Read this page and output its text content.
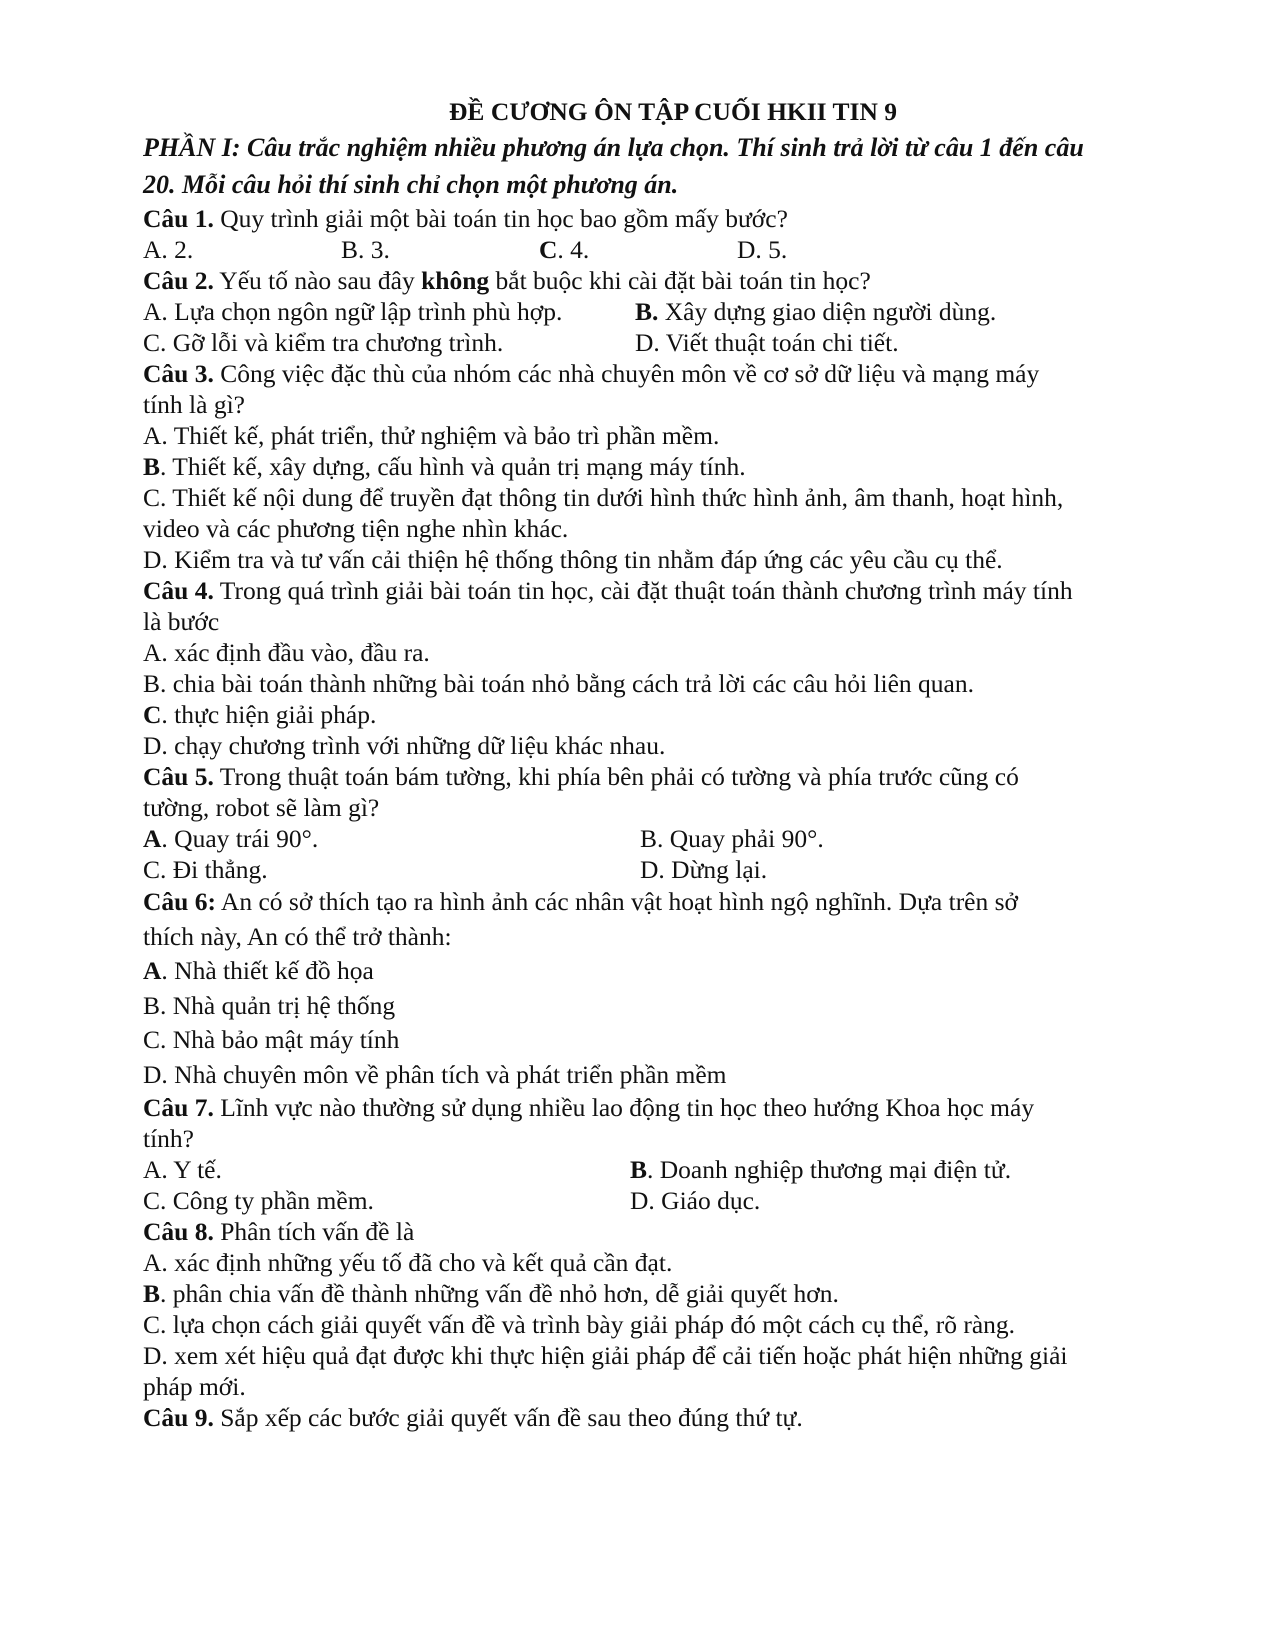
ĐỀ CƯƠNG ÔN TẬP CUỐI HKII TIN 9
PHẦN I: Câu trắc nghiệm nhiều phương án lựa chọn. Thí sinh trả lời từ câu 1 đến câu 20. Mỗi câu hỏi thí sinh chỉ chọn một phương án.
Câu 1. Quy trình giải một bài toán tin học bao gồm mấy bước?
A. 2.	B. 3.	C. 4.	D. 5.
Câu 2. Yếu tố nào sau đây không bắt buộc khi cài đặt bài toán tin học?
A. Lựa chọn ngôn ngữ lập trình phù hợp.	B. Xây dựng giao diện người dùng.
C. Gỡ lỗi và kiểm tra chương trình.	D. Viết thuật toán chi tiết.
Câu 3. Công việc đặc thù của nhóm các nhà chuyên môn về cơ sở dữ liệu và mạng máy tính là gì?
A. Thiết kế, phát triển, thử nghiệm và bảo trì phần mềm.
B. Thiết kế, xây dựng, cấu hình và quản trị mạng máy tính.
C. Thiết kế nội dung để truyền đạt thông tin dưới hình thức hình ảnh, âm thanh, hoạt hình, video và các phương tiện nghe nhìn khác.
D. Kiểm tra và tư vấn cải thiện hệ thống thông tin nhằm đáp ứng các yêu cầu cụ thể.
Câu 4. Trong quá trình giải bài toán tin học, cài đặt thuật toán thành chương trình máy tính là bước
A. xác định đầu vào, đầu ra.
B. chia bài toán thành những bài toán nhỏ bằng cách trả lời các câu hỏi liên quan.
C. thực hiện giải pháp.
D. chạy chương trình với những dữ liệu khác nhau.
Câu 5. Trong thuật toán bám tường, khi phía bên phải có tường và phía trước cũng có tường, robot sẽ làm gì?
A. Quay trái 90°.	B. Quay phải 90°.
C. Đi thẳng.	D. Dừng lại.
Câu 6: An có sở thích tạo ra hình ảnh các nhân vật hoạt hình ngộ nghĩnh. Dựa trên sở thích này, An có thể trở thành:
A. Nhà thiết kế đồ họa
B. Nhà quản trị hệ thống
C. Nhà bảo mật máy tính
D. Nhà chuyên môn về phân tích và phát triển phần mềm
Câu 7. Lĩnh vực nào thường sử dụng nhiều lao động tin học theo hướng Khoa học máy tính?
A. Y tế.	B. Doanh nghiệp thương mại điện tử.
C. Công ty phần mềm.	D. Giáo dục.
Câu 8. Phân tích vấn đề là
A. xác định những yếu tố đã cho và kết quả cần đạt.
B. phân chia vấn đề thành những vấn đề nhỏ hơn, dễ giải quyết hơn.
C. lựa chọn cách giải quyết vấn đề và trình bày giải pháp đó một cách cụ thể, rõ ràng.
D. xem xét hiệu quả đạt được khi thực hiện giải pháp để cải tiến hoặc phát hiện những giải pháp mới.
Câu 9. Sắp xếp các bước giải quyết vấn đề sau theo đúng thứ tự.
